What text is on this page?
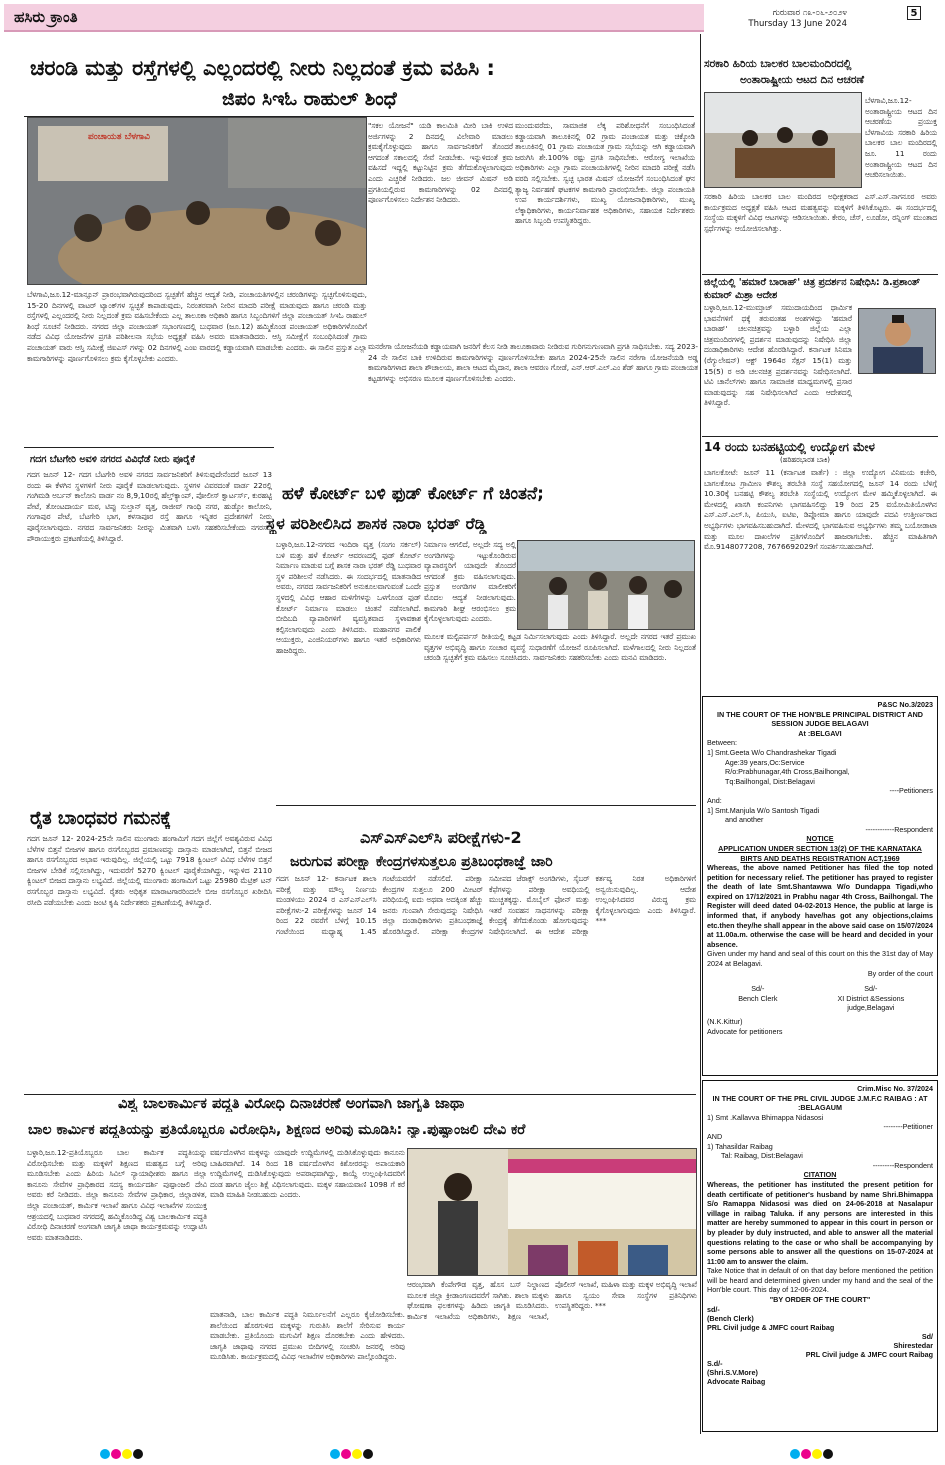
ಹಸಿರು ಕ್ರಾಂತಿ	ಗುರುವಾರ ೧೩-೦೬-೨೦೨೪
Thursday 13 June 2024
5
ಚರಂಡಿ ಮತ್ತು ರಸ್ತೆಗಳಲ್ಲಿ ಎಲ್ಲಂದರಲ್ಲಿ ನೀರು ನಿಲ್ಲದಂತೆ ಕ್ರಮ ವಹಿಸಿ :
ಜಿಪಂ ಸಿಇಓ ರಾಹುಲ್ ಶಿಂಧೆ
ಪಂಚಾಯತ ಬೆಳಗಾವಿ
ಬೆಳಗಾವಿ,ಜೂ.12-ಮಾನ್ಸೂನ್ ಪ್ರಾರಂಭವಾಗಿರುವುದರಿಂದ ಸ್ವಚ್ಛತೆಗೆ ಹೆಚ್ಚಿನ ಆದ್ಯತೆ ನೀಡಿ, ಪಂಚಾಯತಿಗಳಲ್ಲಿನ ಚರಂಡಿಗಳನ್ನು ಸ್ವಚ್ಛಗೊಳಿಸುವುದು, 15-20 ದಿನಗಳಲ್ಲಿ ವಾಟರ್ ಟ್ಯಾಂಕ್‌ಗಳ ಸ್ವಚ್ಛತೆ ಕಾಪಾಡುವುದು, ನಿರಂತರವಾಗಿ ನೀರಿನ ಮಾದರಿ ಪರೀಕ್ಷೆ ಮಾಡುವುದು ಹಾಗೂ ಚರಂಡಿ ಮತ್ತು ರಸ್ತೆಗಳಲ್ಲಿ ಎಲ್ಲಂದರಲ್ಲಿ ನೀರು ನಿಲ್ಲದಂತೆ ಕ್ರಮ ವಹಿಸಬೇಕೆಂದು ಎಲ್ಲ ತಾಲೂಕಾ ಅಧಿಕಾರಿ ಹಾಗೂ ಸಿಬ್ಬಂದಿಗಳಿಗೆ ಜಿಲ್ಲಾ ಪಂಚಾಯತ್ ಸಿಇಓ ರಾಹುಲ್ ಶಿಂಧೆ ಸೂಚನೆ ನೀಡಿದರು. ನಗರದ ಜಿಲ್ಲಾ ಪಂಚಾಯತ್ ಸಭಾಂಗಣದಲ್ಲಿ ಬುಧವಾರ (ಜೂ.12) ಹಮ್ಮಿಕೊಂಡ ಪಂಚಾಯತ್ ಅಧಿಕಾರಿಗಳೊಂದಿಗೆ ನಡೆದ ವಿವಿಧ ಯೋಜನೆಗಳ ಪ್ರಗತಿ ಪರಿಶೀಲನಾ ಸಭೆಯ ಅಧ್ಯಕ್ಷತೆ ವಹಿಸಿ ಅವರು ಮಾತನಾಡಿದರು. ಆಸ್ತಿ ಸಮೀಕ್ಷೆಗೆ ಸಂಬಂಧಿಸಿದಂತೆ ಗ್ರಾಮ ಪಂಚಾಯತ್ ವಾರು ಆಸ್ತಿ ಸಮೀಕ್ಷೆ ಜಿಐಎಸ್ ಗಳನ್ನು 02 ದಿನಗಳಲ್ಲಿ ಎಂಐ ವಾರದಲ್ಲಿ ಕಡ್ಡಾಯವಾಗಿ ಮಾಡಬೇಕು ಎಂದರು. ಈ ಸಾಲಿನ ಪ್ರಸ್ತುತ ಎಲ್ಲಾ ಕಾಮಗಾರಿಗಳನ್ನು ಪೂರ್ಣಗೊಳಿಸಲು ಕ್ರಮ ಕೈಗೊಳ್ಳಬೇಕು ಎಂದರು.
"ಸಕಲ ಯೋಜನೆ" ಯಡಿ ಕಾಲಮಿತಿ ಮೀರಿ ಬಾಕಿ ಉಳಿದ ಅರ್ಜಿಗಳನ್ನು 2 ದಿನದಲ್ಲಿ ವಿಲೇವಾರಿ ಮಾಡಲು ಕ್ರಮಕೈಗೊಳ್ಳುವುದು ಹಾಗೂ ಸಾರ್ವಜನಿಕರಿಗೆ ತೊಂದರೆ ಆಗದಂತೆ ಸಕಾಲದಲ್ಲಿ ಸೇವೆ ನೀಡಬೇಕು. ಇನ್ನುಳಿದಂತೆ ಕ್ರಮ ವಹಿಸದೆ ಇದ್ದಲ್ಲಿ ಕಟ್ಟುನಿಟ್ಟಿನ ಕ್ರಮ ತೆಗೆದುಕೊಳ್ಳಲಾಗುವುದು ಎಂದು ಎಚ್ಚರಿಕೆ ನೀಡಿದರು. ಜಲ ಜೀವನ್ ಮಿಷನ್ ಅಡಿ ಪ್ರಗತಿಯಲ್ಲಿರುವ ಕಾಮಗಾರಿಗಳನ್ನು 02 ದಿನದಲ್ಲಿ ಪೂರ್ಣಗೊಳಿಸಲು ನಿರ್ದೇಶನ ನೀಡಿದರು.
ಮನರೇಗಾ ಯೋಜನೆಯಡಿ ಕಡ್ಡಾಯವಾಗಿ ಜನರಿಗೆ ಕೆಲಸ ನೀಡಿ ತಾಲೂಕಾವಾರು ನೀಡಿರುವ ಗುರಿಗನುಗುಣವಾಗಿ ಪ್ರಗತಿ ಸಾಧಿಸಬೇಕು. ಸದ್ಯ 2023-24 ನೇ ಸಾಲಿನ ಬಾಕಿ ಉಳಿದಿರುವ ಕಾಮಗಾರಿಗಳನ್ನು ಪೂರ್ಣಗೊಳಿಸಬೇಕು ಹಾಗೂ 2024-25ನೇ ಸಾಲಿನ ನರೇಗಾ ಯೋಜನೆಯಡಿ ಅಡ್ಡ ಕಾಮಗಾರಿಗಳಾದ ಶಾಲಾ ಶೌಚಾಲಯ, ಶಾಲಾ ಆಟದ ಮೈದಾನ, ಶಾಲಾ ಆವರಣ ಗೋಡೆ, ಎನ್.ಆರ್.ಎಲ್.ಎಂ ಶೆಡ್ ಹಾಗೂ ಗ್ರಾಮ ಪಂಚಾಯತ ಕಟ್ಟಡಗಳನ್ನು ಅಭಿಸರಣ ಮೂಲಕ ಪೂರ್ಣಗೊಳಿಸಬೇಕು ಎಂದರು.
ಮುಂದುವರೆದು, ಸಾಮಾಜಿಕ ಲೆಕ್ಕ ಪರಿಶೋಧನೆಗೆ ಸಂಬಂಧಿಸಿದಂತೆ ಕಡ್ಡಾಯವಾಗಿ ತಾಲೂಕಿನಲ್ಲಿ 02 ಗ್ರಾಮ ಪಂಚಾಯತ ಮತ್ತು ಚಿಕ್ಕೋಡಿ ತಾಲೂಕಿನಲ್ಲಿ 01 ಗ್ರಾಮ ಪಂಚಾಯತ ಗ್ರಾಮ ಸಭೆಯನ್ನು ಆಗಿ ಕಡ್ಡಾಯವಾಗಿ ಜರುಗಿಸಿ ಶೇ.100% ರಷ್ಟು ಪ್ರಗತಿ ಸಾಧಿಸಬೇಕು. ಆರೋಗ್ಯ ಇಲಾಖೆಯ ಅಧಿಕಾರಿಗಳು ಎಲ್ಲಾ ಗ್ರಾಮ ಪಂಚಾಯತಿಗಳಲ್ಲಿ ನೀರಿನ ಮಾದರಿ ಪರೀಕ್ಷೆ ನಡೆಸಿ ವರದಿ ಸಲ್ಲಿಸಬೇಕು. ಸ್ವಚ್ಛ ಭಾರತ ಮಿಷನ್ ಯೋಜನೆಗೆ ಸಂಬಂಧಿಸಿದಂತೆ ಘನ ತ್ಯಾಜ್ಯ ನಿರ್ವಹಣೆ ಘಟಕಗಳ ಕಾಮಗಾರಿ ಪ್ರಾರಂಭಿಸಬೇಕು. ಜಿಲ್ಲಾ ಪಂಚಾಯತಿ ಉಪ ಕಾರ್ಯದರ್ಶಿಗಳು, ಮುಖ್ಯ ಯೋಜನಾಧಿಕಾರಿಗಳು, ಮುಖ್ಯ ಲೆಕ್ಕಾಧಿಕಾರಿಗಳು, ಕಾರ್ಯನಿರ್ವಾಹಕ ಅಧಿಕಾರಿಗಳು, ಸಹಾಯಕ ನಿರ್ದೇಶಕರು ಹಾಗೂ ಸಿಬ್ಬಂದಿ ಉಪಸ್ಥಿತರಿದ್ದರು.
ಗದಗ ಬೆಟಗೇರಿ ಅವಳಿ ನಗರದ ವಿವಿಧೆಡೆ ನೀರು ಪೂರೈಕೆ
ಗದಗ ಜೂನ್ 12- ಗದಗ ಬೆಟಗೇರಿ ಅವಳಿ ನಗರದ ಸಾರ್ವಜನಿಕರಿಗೆ ತಿಳಿಸುವುದೇನೆಂದರೆ ಜೂನ್ 13 ರಂದು ಈ ಕೆಳಗಿನ ಸ್ಥಳಗಳಿಗೆ ನೀರು ಪೂರೈಕೆ ಮಾಡಲಾಗುವುದು. ಸ್ಥಳಗಳ ವಿವರದಂತೆ ವಾರ್ಡ 22ರಲ್ಲಿ ಗಂಗಿಮಡಿ ಅರ್ಬನ್ ಕಾಲೋನಿ ವಾರ್ಡ ನಂ 8,9,10ರಲ್ಲಿ ಹೆಲ್ತ್‌ಕ್ಯಾಂಪ್, ಪೋಲೀಸ್ ಕ್ವಾರ್ಟರ್ಸ್, ಕುರಹಟ್ಟಿ ಪೇಟೆ, ತೋಂಟದಾರ್ಯ ಮಠ, ಟಿಪ್ಪು ಸುಲ್ತಾನ್ ವೃತ್ತ, ರಾಜೀವ್ ಗಾಂಧಿ ನಗರ, ಹುಡ್ಕೋ ಕಾಲೋನಿ, ಗಂಗಾಪುರ ಪೇಟೆ, ಬೆಟಗೇರಿ ಭಾಗ, ಕಳಸಾಪೂರ ರಸ್ತೆ ಹಾಗೂ ಇನ್ನಿತರ ಪ್ರದೇಶಗಳಿಗೆ ನೀರು ಪೂರೈಸಲಾಗುವುದು. ನಗರದ ಸಾರ್ವಜನಿಕರು ನೀರನ್ನು ಮಿತವಾಗಿ ಬಳಸಿ ಸಹಕರಿಸಬೇಕೆಂದು ನಗರಸಭೆ ಪೌರಾಯುಕ್ತರು ಪ್ರಕಟಣೆಯಲ್ಲಿ ತಿಳಿಸಿದ್ದಾರೆ.
ರೈತ ಬಾಂಧವರ ಗಮನಕ್ಕೆ
ಗದಗ ಜೂನ್ 12- 2024-25ನೇ ಸಾಲಿನ ಮುಂಗಾರು ಹಂಗಾಮಿಗೆ ಗದಗ ಜಿಲ್ಲೆಗೆ ಅವಶ್ಯವಿರುವ ವಿವಿಧ ಬೆಳೆಗಳ ಬಿತ್ತನೆ ಬೀಜಗಳ ಹಾಗೂ ರಸಗೊಬ್ಬರದ ಪ್ರಮಾಣವನ್ನು ದಾಸ್ತಾನು ಮಾಡಲಾಗಿದೆ, ಬಿತ್ತನೆ ಬೀಜದ ಹಾಗೂ ರಸಗೊಬ್ಬರದ ಅಭಾವ ಇರುವುದಿಲ್ಲ. ಜಿಲ್ಲೆಯಲ್ಲಿ ಒಟ್ಟು 7918 ಕ್ವಿಂಟಲ್ ವಿವಿಧ ಬೆಳೆಗಳ ಬಿತ್ತನೆ ಬೀಜಗಳ ಬೇಡಿಕೆ ಸಲ್ಲಿಸಲಾಗಿದ್ದು, ಇದುವರೆಗೆ 5270 ಕ್ವಿಂಟಲ್ ಪೂರೈಕೆಯಾಗಿದ್ದು, ಇನ್ನುಳಿದ 2110 ಕ್ವಿಂಟಲ್ ಬೀಜದ ದಾಸ್ತಾನು ಲಭ್ಯವಿದೆ. ಜಿಲ್ಲೆಯಲ್ಲಿ ಮುಂಗಾರು ಹಂಗಾಮಿಗೆ ಒಟ್ಟು 25980 ಮೆಟ್ರಿಕ್ ಟನ್ ರಸಗೊಬ್ಬರ ದಾಸ್ತಾನು ಲಭ್ಯವಿದೆ. ರೈತರು ಅಧಿಕೃತ ಮಾರಾಟಗಾರರಿಂದಲೇ ಬೀಜ ರಸಗೊಬ್ಬರ ಖರೀದಿಸಿ ರಸೀದಿ ಪಡೆಯಬೇಕು ಎಂದು ಜಂಟಿ ಕೃಷಿ ನಿರ್ದೇಶಕರು ಪ್ರಕಟಣೆಯಲ್ಲಿ ತಿಳಿಸಿದ್ದಾರೆ.
ಹಳೆ ಕೋರ್ಟ್ ಬಳಿ ಫುಡ್ ಕೋರ್ಟ್ ಗೆ ಚಿಂತನೆ;
ಸ್ಥಳ ಪರಿಶೀಲಿಸಿದ ಶಾಸಕ ನಾರಾ ಭರತ್ ರೆಡ್ಡಿ
ಬಳ್ಳಾರಿ,ಜೂ.12-ನಗರದ ಇಂದಿರಾ ವೃತ್ತ (ಸಂಗಂ ಸರ್ಕಲ್) ಬಳಿ ಮತ್ತು ಹಳೆ ಕೋರ್ಟ್ ಆವರಣದಲ್ಲಿ ಫುಡ್ ಕೋರ್ಟ್ ನಿರ್ಮಾಣ ಮಾಡುವ ಬಗ್ಗೆ ಶಾಸಕ ನಾರಾ ಭರತ್ ರೆಡ್ಡಿ ಬುಧವಾರ ಸ್ಥಳ ಪರಿಶೀಲನೆ ನಡೆಸಿದರು. ಈ ಸಂದರ್ಭದಲ್ಲಿ ಮಾತನಾಡಿದ ಅವರು, ನಗರದ ಸಾರ್ವಜನಿಕರಿಗೆ ಅನುಕೂಲವಾಗುವಂತೆ ಒಂದೇ ಸ್ಥಳದಲ್ಲಿ ವಿವಿಧ ಆಹಾರ ಮಳಿಗೆಗಳನ್ನು ಒಳಗೊಂಡ ಫುಡ್ ಕೋರ್ಟ್ ನಿರ್ಮಾಣ ಮಾಡಲು ಚಿಂತನೆ ನಡೆಸಲಾಗಿದೆ. ಬೀದಿಬದಿ ವ್ಯಾಪಾರಿಗಳಿಗೆ ವ್ಯವಸ್ಥಿತವಾದ ಸ್ಥಳಾವಕಾಶ ಕಲ್ಪಿಸಲಾಗುವುದು ಎಂದು ತಿಳಿಸಿದರು. ಮಹಾನಗರ ಪಾಲಿಕೆ ಆಯುಕ್ತರು, ಎಂಜಿನಿಯರ್‌ಗಳು ಹಾಗೂ ಇತರೆ ಅಧಿಕಾರಿಗಳು ಹಾಜರಿದ್ದರು.
ನಿರ್ಮಾಣ ಆಗಲಿದೆ, ಅಲ್ಲದೇ ಸದ್ಯ ಅಲ್ಲಿ ಅಂಗಡಿಗಳನ್ನು ಇಟ್ಟುಕೊಂಡಿರುವ ವ್ಯಾಪಾರಸ್ಥರಿಗೆ ಯಾವುದೇ ತೊಂದರೆ ಆಗದಂತೆ ಕ್ರಮ ವಹಿಸಲಾಗುವುದು. ಪ್ರಸ್ತುತ ಅಂಗಡಿಗಳ ಮಾಲೀಕರಿಗೆ ಮೊದಲ ಆದ್ಯತೆ ನೀಡಲಾಗುವುದು. ಕಾಮಗಾರಿ ಶೀಘ್ರ ಆರಂಭಿಸಲು ಕ್ರಮ ಕೈಗೊಳ್ಳಲಾಗುವುದು ಎಂದರು.
ಮೂಲಕ ಮಲ್ಟಿಪರ್ಪಸ್ ರೀತಿಯಲ್ಲಿ ಕಟ್ಟಡ ನಿರ್ಮಿಸಲಾಗುವುದು ಎಂದು ತಿಳಿಸಿದ್ದಾರೆ. ಅಲ್ಲದೇ ನಗರದ ಇತರೆ ಪ್ರಮುಖ ವೃತ್ತಗಳ ಅಭಿವೃದ್ಧಿ ಹಾಗೂ ಸಂಚಾರ ವ್ಯವಸ್ಥೆ ಸುಧಾರಣೆಗೆ ಯೋಜನೆ ರೂಪಿಸಲಾಗಿದೆ. ಮಳೆಗಾಲದಲ್ಲಿ ನೀರು ನಿಲ್ಲದಂತೆ ಚರಂಡಿ ಸ್ವಚ್ಛತೆಗೆ ಕ್ರಮ ವಹಿಸಲು ಸೂಚಿಸಿದರು. ಸಾರ್ವಜನಿಕರು ಸಹಕರಿಸಬೇಕು ಎಂದು ಮನವಿ ಮಾಡಿದರು.
ಎಸ್‌ಎಸ್‌ಎಲ್‌ಸಿ ಪರೀಕ್ಷೆಗಳು-2
ಜರುಗುವ ಪರೀಕ್ಷಾ ಕೇಂದ್ರಗಳಸುತ್ತಲೂ ಪ್ರತಿಬಂಧಕಾಜ್ಞೆ ಜಾರಿ
ಗದಗ ಜೂನ್ 12- ಕರ್ನಾಟಕ ಶಾಲಾ ಪರೀಕ್ಷೆ ಮತ್ತು ಮೌಲ್ಯ ನಿರ್ಣಯ ಮಂಡಳಿಯು 2024 ರ ಎಸ್‌ಎಸ್‌ಎಲ್‌ಸಿ ಪರೀಕ್ಷೆಗಳು-2 ಪರೀಕ್ಷೆಗಳನ್ನು ಜೂನ್ 14 ರಿಂದ 22 ರವರೆಗೆ ಬೆಳಿಗ್ಗೆ 10.15 ಗಂಟೆಯಿಂದ ಮಧ್ಯಾಹ್ನ 1.45 ಗಂಟೆಯವರೆಗೆ ನಡೆಸಲಿದೆ. ಪರೀಕ್ಷಾ ಕೇಂದ್ರಗಳ ಸುತ್ತಲೂ 200 ಮೀಟರ್ ಪರಿಧಿಯಲ್ಲಿ ಐದು ಅಥವಾ ಅದಕ್ಕಿಂತ ಹೆಚ್ಚು ಜನರು ಗುಂಪಾಗಿ ಸೇರುವುದನ್ನು ನಿಷೇಧಿಸಿ ಜಿಲ್ಲಾ ದಂಡಾಧಿಕಾರಿಗಳು ಪ್ರತಿಬಂಧಕಾಜ್ಞೆ ಹೊರಡಿಸಿದ್ದಾರೆ. ಪರೀಕ್ಷಾ ಕೇಂದ್ರಗಳ ಸಮೀಪದ ಜೆರಾಕ್ಸ್ ಅಂಗಡಿಗಳು, ಸೈಬರ್ ಕೆಫೆಗಳನ್ನು ಪರೀಕ್ಷಾ ಅವಧಿಯಲ್ಲಿ ಮುಚ್ಚತಕ್ಕದ್ದು. ಮೊಬೈಲ್ ಫೋನ್ ಮತ್ತು ಇತರೆ ಸಂವಹನ ಸಾಧನಗಳನ್ನು ಪರೀಕ್ಷಾ ಕೇಂದ್ರಕ್ಕೆ ತೆಗೆದುಕೊಂಡು ಹೋಗುವುದನ್ನು ನಿಷೇಧಿಸಲಾಗಿದೆ. ಈ ಆದೇಶ ಪರೀಕ್ಷಾ ಕರ್ತವ್ಯ ನಿರತ ಅಧಿಕಾರಿಗಳಿಗೆ ಅನ್ವಯಿಸುವುದಿಲ್ಲ. ಆದೇಶ ಉಲ್ಲಂಘಿಸಿದವರ ವಿರುದ್ಧ ಕ್ರಮ ಕೈಗೊಳ್ಳಲಾಗುವುದು ಎಂದು ತಿಳಿಸಿದ್ದಾರೆ. ***
ವಿಶ್ವ ಬಾಲಕಾರ್ಮಿಕ ಪದ್ಧತಿ ವಿರೋಧಿ ದಿನಾಚರಣೆ ಅಂಗವಾಗಿ ಜಾಗೃತಿ ಜಾಥಾ
ಬಾಲ ಕಾರ್ಮಿಕ ಪದ್ಧತಿಯನ್ನು ಪ್ರತಿಯೊಬ್ಬರೂ ವಿರೋಧಿಸಿ, ಶಿಕ್ಷಣದ ಅರಿವು ಮೂಡಿಸಿ: ನ್ಯಾ.ಪುಷ್ಪಾಂಜಲಿ ದೇವಿ ಕರೆ
ಬಳ್ಳಾರಿ,ಜೂ.12-ಪ್ರತಿಯೊಬ್ಬರೂ ಬಾಲ ಕಾರ್ಮಿಕ ಪದ್ಧತಿಯನ್ನು ವಿರೋಧಿಸಬೇಕು ಮತ್ತು ಮಕ್ಕಳಿಗೆ ಶಿಕ್ಷಣದ ಮಹತ್ವದ ಬಗ್ಗೆ ಅರಿವು ಮೂಡಿಸಬೇಕು ಎಂದು ಹಿರಿಯ ಸಿವಿಲ್ ನ್ಯಾಯಾಧೀಶರು ಹಾಗೂ ಜಿಲ್ಲಾ ಕಾನೂನು ಸೇವೆಗಳ ಪ್ರಾಧಿಕಾರದ ಸದಸ್ಯ ಕಾರ್ಯದರ್ಶಿ ಪುಷ್ಪಾಂಜಲಿ ದೇವಿ ಅವರು ಕರೆ ನೀಡಿದರು. ಜಿಲ್ಲಾ ಕಾನೂನು ಸೇವೆಗಳ ಪ್ರಾಧಿಕಾರ, ಜಿಲ್ಲಾಡಳಿತ, ಜಿಲ್ಲಾ ಪಂಚಾಯತ್, ಕಾರ್ಮಿಕ ಇಲಾಖೆ ಹಾಗೂ ವಿವಿಧ ಇಲಾಖೆಗಳ ಸಂಯುಕ್ತ ಆಶ್ರಯದಲ್ಲಿ ಬುಧವಾರ ನಗರದಲ್ಲಿ ಹಮ್ಮಿಕೊಂಡಿದ್ದ ವಿಶ್ವ ಬಾಲಕಾರ್ಮಿಕ ಪದ್ಧತಿ ವಿರೋಧಿ ದಿನಾಚರಣೆ ಅಂಗವಾಗಿ ಜಾಗೃತಿ ಜಾಥಾ ಕಾರ್ಯಕ್ರಮವನ್ನು ಉದ್ಘಾಟಿಸಿ ಅವರು ಮಾತನಾಡಿದರು.
ವರ್ಷದೊಳಗಿನ ಮಕ್ಕಳನ್ನು ಯಾವುದೇ ಉದ್ದಿಮೆಗಳಲ್ಲಿ ದುಡಿಸಿಕೊಳ್ಳುವುದು ಕಾನೂನು ಬಾಹಿರವಾಗಿದೆ. 14 ರಿಂದ 18 ವರ್ಷದೊಳಗಿನ ಕಿಶೋರರನ್ನು ಅಪಾಯಕಾರಿ ಉದ್ದಿಮೆಗಳಲ್ಲಿ ದುಡಿಸಿಕೊಳ್ಳುವುದು ಅಪರಾಧವಾಗಿದ್ದು, ಕಾಯ್ದೆ ಉಲ್ಲಂಘಿಸಿದವರಿಗೆ ದಂಡ ಹಾಗೂ ಜೈಲು ಶಿಕ್ಷೆ ವಿಧಿಸಲಾಗುವುದು. ಮಕ್ಕಳ ಸಹಾಯವಾಣಿ 1098 ಗೆ ಕರೆ ಮಾಡಿ ಮಾಹಿತಿ ನೀಡಬಹುದು ಎಂದರು.
ಮಾತನಾಡಿ, ಬಾಲ ಕಾರ್ಮಿಕ ಪದ್ಧತಿ ನಿರ್ಮೂಲನೆಗೆ ಎಲ್ಲರೂ ಕೈಜೋಡಿಸಬೇಕು. ಶಾಲೆಯಿಂದ ಹೊರಗುಳಿದ ಮಕ್ಕಳನ್ನು ಗುರುತಿಸಿ ಶಾಲೆಗೆ ಸೇರಿಸುವ ಕಾರ್ಯ ಮಾಡಬೇಕು. ಪ್ರತಿಯೊಂದು ಮಗುವಿಗೆ ಶಿಕ್ಷಣ ದೊರಕಬೇಕು ಎಂದು ಹೇಳಿದರು. ಜಾಗೃತಿ ಜಾಥಾವು ನಗರದ ಪ್ರಮುಖ ಬೀದಿಗಳಲ್ಲಿ ಸಂಚರಿಸಿ ಜನರಲ್ಲಿ ಅರಿವು ಮೂಡಿಸಿತು. ಕಾರ್ಯಕ್ರಮದಲ್ಲಿ ವಿವಿಧ ಇಲಾಖೆಗಳ ಅಧಿಕಾರಿಗಳು ಪಾಲ್ಗೊಂಡಿದ್ದರು.
ಆರಂಭವಾಗಿ ಕೆಂಪೇಗೌಡ ವೃತ್ತ, ಹೊಸ ಬಸ್ ನಿಲ್ದಾಣದ ಮೂಲಕ ಜಿಲ್ಲಾ ಕ್ರೀಡಾಂಗಣದವರೆಗೆ ಸಾಗಿತು. ಶಾಲಾ ಮಕ್ಕಳು ಘೋಷಣಾ ಫಲಕಗಳನ್ನು ಹಿಡಿದು ಜಾಗೃತಿ ಮೂಡಿಸಿದರು. ಕಾರ್ಮಿಕ ಇಲಾಖೆಯ ಅಧಿಕಾರಿಗಳು, ಶಿಕ್ಷಣ ಇಲಾಖೆ, ಪೊಲೀಸ್ ಇಲಾಖೆ, ಮಹಿಳಾ ಮತ್ತು ಮಕ್ಕಳ ಅಭಿವೃದ್ಧಿ ಇಲಾಖೆ ಹಾಗೂ ಸ್ವಯಂ ಸೇವಾ ಸಂಸ್ಥೆಗಳ ಪ್ರತಿನಿಧಿಗಳು ಉಪಸ್ಥಿತರಿದ್ದರು. ***
ಸರಕಾರಿ ಹಿರಿಯ ಬಾಲಕರ ಬಾಲಮಂದಿರದಲ್ಲಿ
ಅಂತಾರಾಷ್ಟ್ರೀಯ ಆಟದ ದಿನ ಆಚರಣೆ
ಬೆಳಗಾವಿ,ಜೂ.12- ಅಂತಾರಾಷ್ಟ್ರೀಯ ಆಟದ ದಿನ ಆಚರಣೆಯ ಪ್ರಯುಕ್ತ ಬೆಳಗಾವಿಯ ಸರಕಾರಿ ಹಿರಿಯ ಬಾಲಕರ ಬಾಲ ಮಂದಿರದಲ್ಲಿ ಜೂ. 11 ರಂದು ಅಂತಾರಾಷ್ಟ್ರೀಯ ಆಟದ ದಿನ ಆಚರಿಸಲಾಯಿತು.
ಸರಕಾರಿ ಹಿರಿಯ ಬಾಲಕರ ಬಾಲ ಮಂದಿರದ ಅಧೀಕ್ಷಕರಾದ ಎಸ್.ಎಸ್.ನಾಗನೂರ ಅವರು ಕಾರ್ಯಕ್ರಮದ ಅಧ್ಯಕ್ಷತೆ ವಹಿಸಿ ಆಟದ ಮಹತ್ವವನ್ನು ಮಕ್ಕಳಿಗೆ ತಿಳಿಸಿಕೊಟ್ಟರು. ಈ ಸಂದರ್ಭದಲ್ಲಿ ಸಂಸ್ಥೆಯ ಮಕ್ಕಳಿಗೆ ವಿವಿಧ ಆಟಗಳನ್ನು ಆಡಿಸಲಾಯಿತು. ಕೇರಂ, ಚೆಸ್, ಲೂಡೋ, ರನ್ನಿಂಗ್ ಮುಂತಾದ ಸ್ಪರ್ಧೆಗಳನ್ನು ಆಯೋಜಿಸಲಾಗಿತ್ತು.
ಜಿಲ್ಲೆಯಲ್ಲಿ 'ಹಮಾರೆ ಬಾರಾಹ್' ಚಿತ್ರ ಪ್ರದರ್ಶನ ನಿಷೇಧಿಸಿ: ಡಿ.ಪ್ರಶಾಂತ್ ಕುಮಾರ್ ಮಿಶ್ರಾ ಆದೇಶ
ಬಳ್ಳಾರಿ,ಜೂ.12-ಮುಮ್ತಾಜ್ ಸಮುದಾಯದಿಂದ ಧಾರ್ಮಿಕ ಭಾವನೆಗಳಿಗೆ ಧಕ್ಕೆ ತರುವಂತಹ ಅಂಶಗಳಿದ್ದು 'ಹಮಾರೆ ಬಾರಾಹ್' ಚಲನಚಿತ್ರವನ್ನು ಬಳ್ಳಾರಿ ಜಿಲ್ಲೆಯ ಎಲ್ಲಾ ಚಿತ್ರಮಂದಿರಗಳಲ್ಲಿ ಪ್ರದರ್ಶನ ಮಾಡುವುದನ್ನು ನಿಷೇಧಿಸಿ ಜಿಲ್ಲಾ ದಂಡಾಧಿಕಾರಿಗಳು ಆದೇಶ ಹೊರಡಿಸಿದ್ದಾರೆ. ಕರ್ನಾಟಕ ಸಿನಿಮಾ (ರೆಗ್ಯುಲೇಷನ್) ಆಕ್ಟ್ 1964ರ ಸೆಕ್ಷನ್ 15(1) ಮತ್ತು 15(5) ರ ಅಡಿ ಚಲನಚಿತ್ರ ಪ್ರದರ್ಶನವನ್ನು ನಿಷೇಧಿಸಲಾಗಿದೆ. ಟಿವಿ ಚಾನೆಲ್‌ಗಳು ಹಾಗೂ ಸಾಮಾಜಿಕ ಮಾಧ್ಯಮಗಳಲ್ಲಿ ಪ್ರಸಾರ ಮಾಡುವುದನ್ನು ಸಹ ನಿಷೇಧಿಸಲಾಗಿದೆ ಎಂದು ಆದೇಶದಲ್ಲಿ ತಿಳಿಸಿದ್ದಾರೆ.
14 ರಂದು ಬನಹಟ್ಟಿಯಲ್ಲಿ ಉದ್ಯೋಗ ಮೇಳ
(ಹರಿಹರಭಾರತ ಬಾಕಿ)
ಬಾಗಲಕೋಟೆ: ಜೂನ್ 11 (ಕರ್ನಾಟಕ ವಾರ್ತೆ) : ಜಿಲ್ಲಾ ಉದ್ಯೋಗ ವಿನಿಮಯ ಕಚೇರಿ, ಬಾಗಲಕೋಟ ಗ್ರಾಮೀಣ ಕೌಶಲ್ಯ ತರಬೇತಿ ಸಂಸ್ಥೆ ಸಹಯೋಗದಲ್ಲಿ ಜೂನ್ 14 ರಂದು ಬೆಳಿಗ್ಗೆ 10.30ಕ್ಕೆ ಬನಹಟ್ಟಿ ಕೌಶಲ್ಯ ತರಬೇತಿ ಸಂಸ್ಥೆಯಲ್ಲಿ ಉದ್ಯೋಗ ಮೇಳ ಹಮ್ಮಿಕೊಳ್ಳಲಾಗಿದೆ. ಈ ಮೇಳದಲ್ಲಿ ಖಾಸಗಿ ಕಂಪನಿಗಳು ಭಾಗವಹಿಸಲಿದ್ದು 19 ರಿಂದ 25 ವಯೋಮಿತಿಯೊಳಗಿನ ಎಸ್.ಎಸ್.ಎಲ್.ಸಿ, ಪಿಯುಸಿ, ಐಟಿಐ, ಡಿಪ್ಲೋಮಾ ಹಾಗೂ ಯಾವುದೇ ಪದವಿ ಉತ್ತೀರ್ಣರಾದ ಅಭ್ಯರ್ಥಿಗಳು ಭಾಗವಹಿಸಬಹುದಾಗಿದೆ. ಮೇಳದಲ್ಲಿ ಭಾಗವಹಿಸುವ ಅಭ್ಯರ್ಥಿಗಳು ತಮ್ಮ ಬಯೋಡಾಟಾ ಮತ್ತು ಮೂಲ ದಾಖಲೆಗಳ ಪ್ರತಿಗಳೊಂದಿಗೆ ಹಾಜರಾಗಬೇಕು. ಹೆಚ್ಚಿನ ಮಾಹಿತಿಗಾಗಿ ಮೊ.9148077208, 7676692029ಗೆ ಸಂಪರ್ಕಿಸಬಹುದಾಗಿದೆ.
P&SC No.3/2023
IN THE COURT OF THE HON'BLE PRINCIPAL DISTRICT AND SESSION JUDGE BELAGAVI
At :BELGAVI
Between:
1] Smt.Geeta W/o Chandrashekar Tigadi
Age:39 years,Oc:Service
R/o:Prabhunagar,4th Cross,Bailhongal,
Tq:Bailhongal, Dist:Belagavi
----Petitioners
And:
1] Smt.Manjula W/o Santosh Tigadi
and another
------------Respondent
NOTICE
APPLICATION UNDER SECTION 13(2) OF THE KARNATAKA BIRTS AND DEATHS REGISTRATION ACT,1969
Whereas, the above named Petitioner has filed the top noted petition for necessary relief. The petitioner has prayed to register the death of late Smt.Shantawwa W/o Dundappa Tigadi,who expired on 17/12/2021 in Prabhu nagar 4th Cross, Bailhongal. The Register will deed dated 04-02-2013 Hence, the public at large is informed that, if anybody have/has got any objections,claims etc.then they/he shall appear in the above said case on 15/07/2024 at 11.00a.m. otherwise the case will be heard and decided in your absence.
Given under my hand and seal of this court on this the 31st day of May 2024 at Belagavi.
By order of the court
Sd/-
Bench Clerk
Sd/-
XI District &Sessions
judge,Belagavi
(N.K.Kittur)
Advocate for petitioners
Crim.Misc No. 37/2024
IN THE COURT OF THE PRL CIVIL JUDGE J.M.F.C RAIBAG : AT :BELAGAUM
1) Smt .Kallavva Bhimappa Nidasosi
--------Petitioner
AND
1) Tahasildar Raibag
Tal: Raibag, Dist:Belagavi
---------Respondent
CITATION
Whereas, the petitioner has instituted the present petition for death certificate of petitioner's husband by name Shri.Bhimappa S/o Ramappa Nidasosi was died on 24-06-2018 at Nasalapur village in raibag Taluka. if any persons are interested in this matter are hereby summoned to appear in this court in person or by pleader by duly instructed, and able to answer all the material questions relating to the case or who shall be accompanying by some persons able to answer all the questions on 15-07-2024 at 11:00 am to answer the claim.
Take Notice that in default of on that day before mentioned the petition will be heard and determined given under my hand and the seal of the Hon'ble court. This day of 12-06-2024.
"BY ORDER OF THE COURT"
sd/-
(Bench Clerk)
PRL Civil judge & JMFC court Raibag
Sd/
Shirestedar
PRL Civil judge & JMFC court Raibag
S.d/-
(Shri.S.V.More)
Advocate Raibag
